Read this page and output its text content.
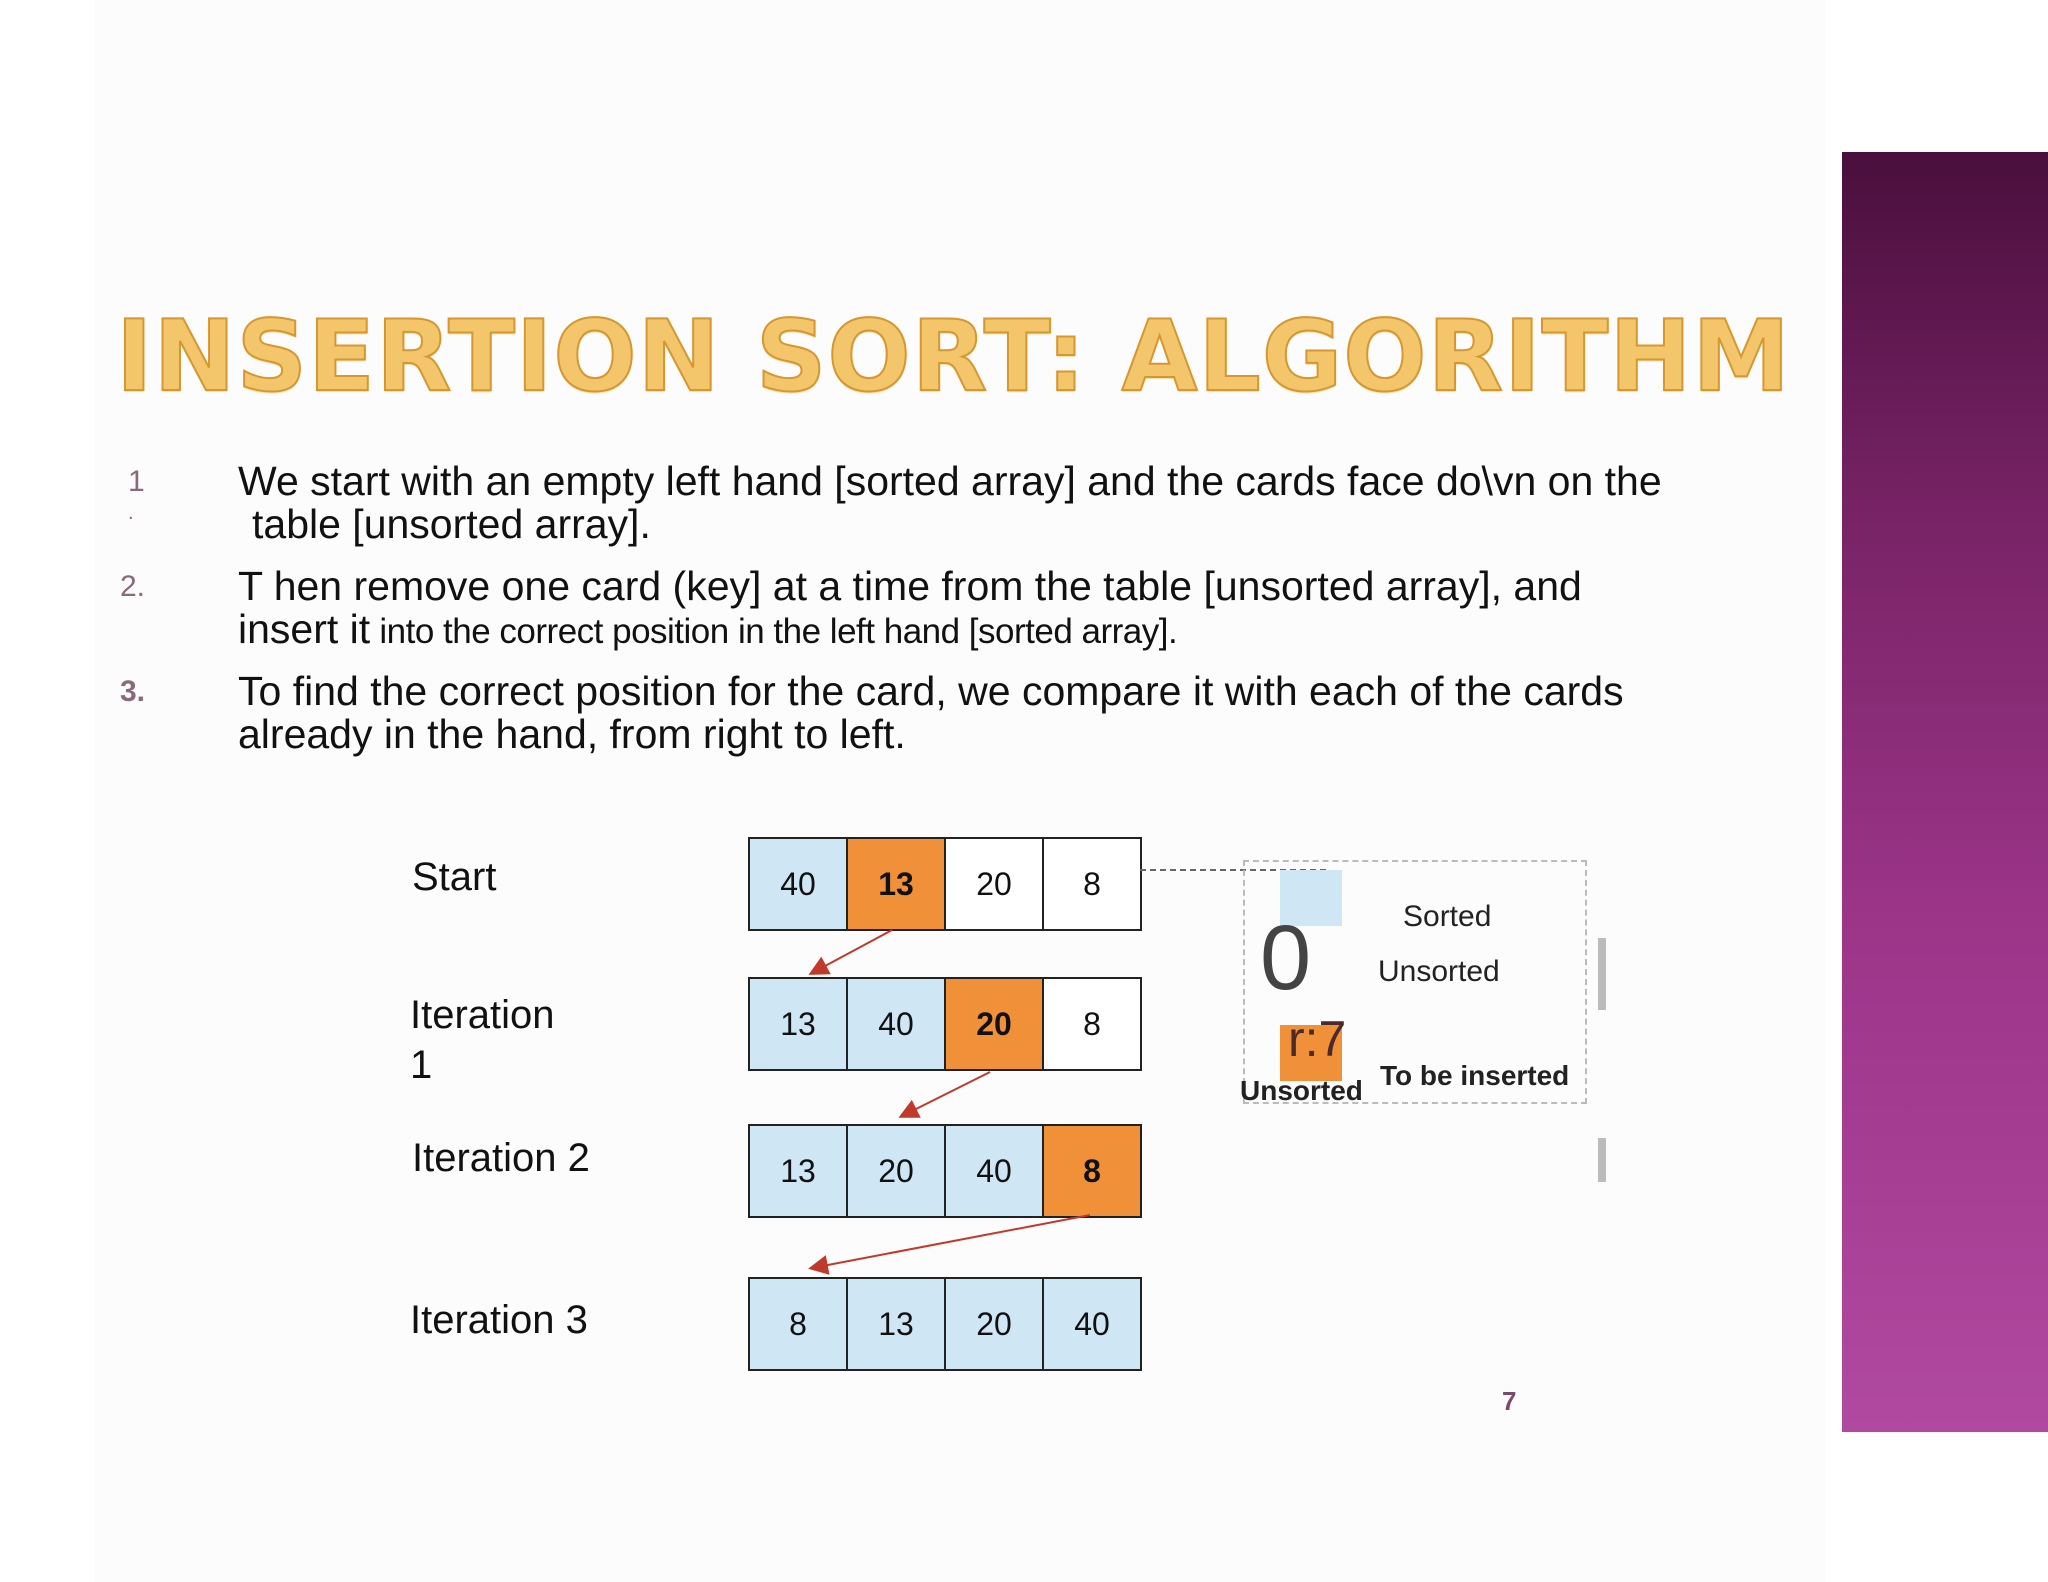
INSERTION SORT: ALGORITHM
1
.
We start with an empty left hand [sorted array] and the cards face do\vn on the
table [unsorted array].
2.	T hen remove one card (key] at a time from the table [unsorted array], and
insert it into the correct position in the left hand [sorted array].
3.	To find the correct position for the card, we compare it with each of the cards
already in the hand, from right to left.
Start
Iteration
1
Iteration 2
Iteration 3
40	13	20	8
13	40	20	8
13	20	40	8
8	13	20	40
Sorted
0 Unsorted
r:7
Unsorted To be inserted
7
